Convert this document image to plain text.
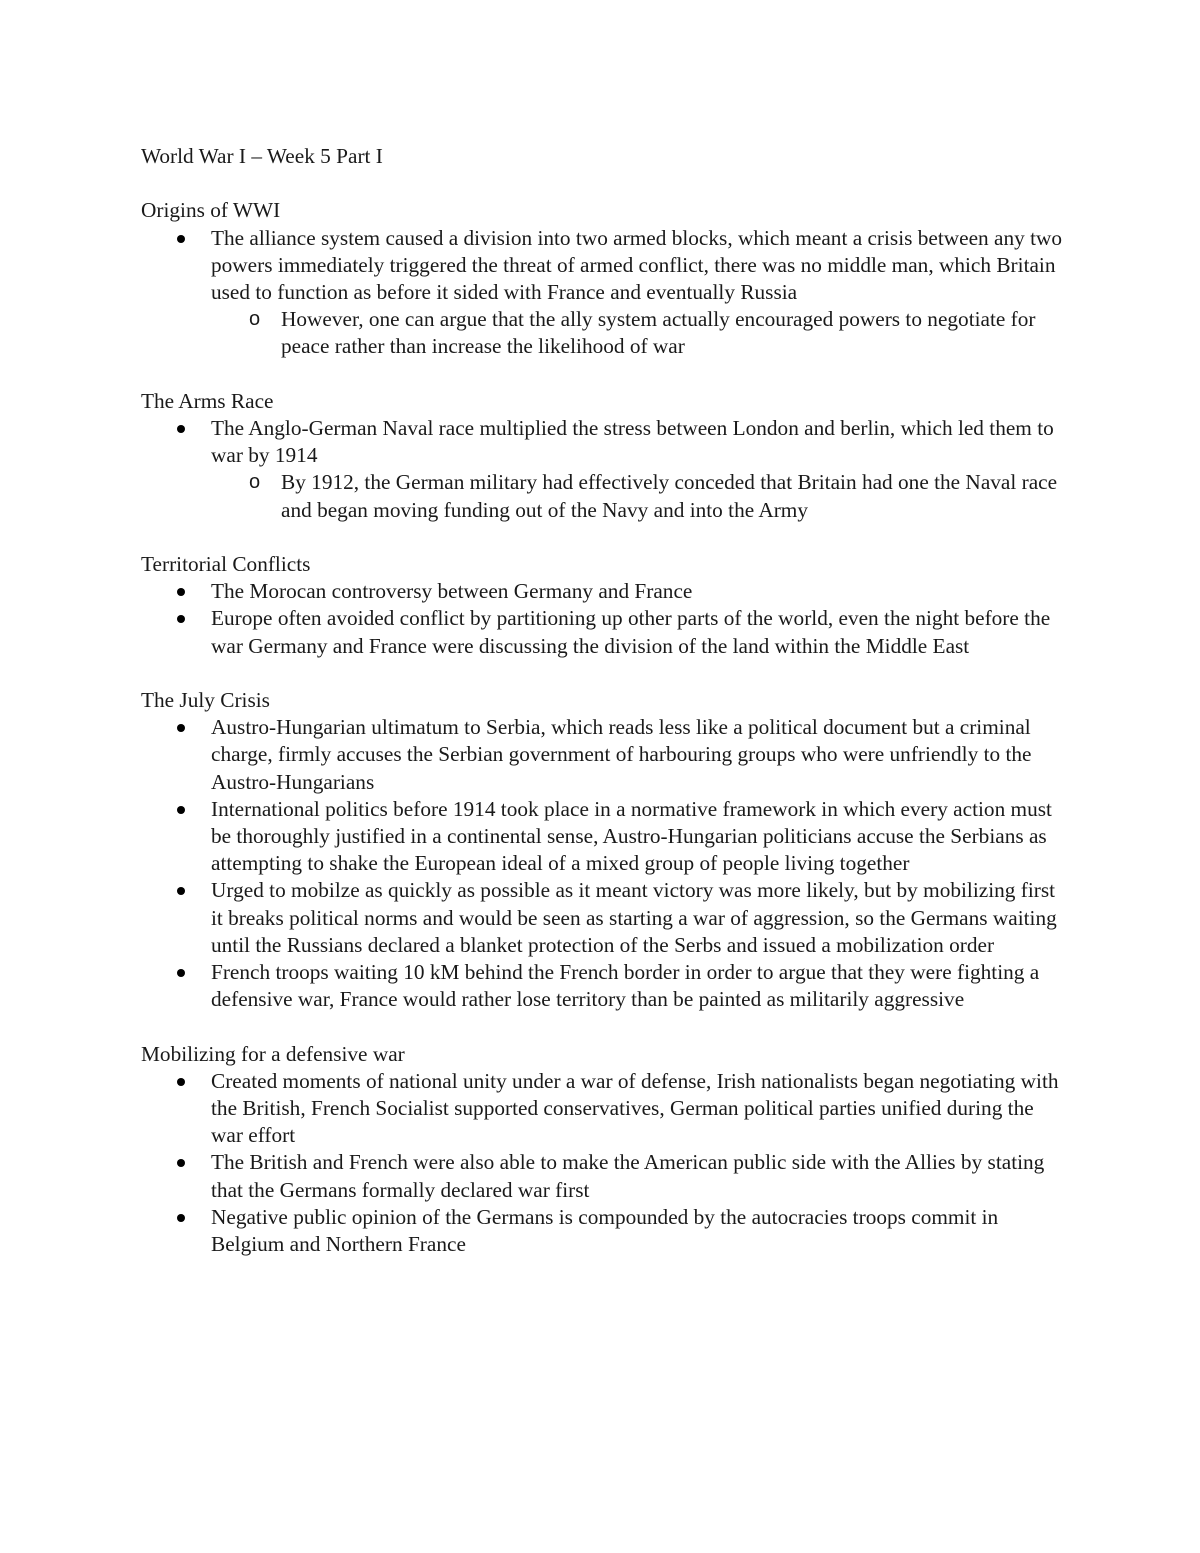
World War I – Week 5 Part I
Origins of WWI
The alliance system caused a division into two armed blocks, which meant a crisis between any two powers immediately triggered the threat of armed conflict, there was no middle man, which Britain used to function as before it sided with France and eventually Russia
o However, one can argue that the ally system actually encouraged powers to negotiate for peace rather than increase the likelihood of war
The Arms Race
The Anglo-German Naval race multiplied the stress between London and berlin, which led them to war by 1914
o By 1912, the German military had effectively conceded that Britain had one the Naval race and began moving funding out of the Navy and into the Army
Territorial Conflicts
The Morocan controversy between Germany and France
Europe often avoided conflict by partitioning up other parts of the world, even the night before the war Germany and France were discussing the division of the land within the Middle East
The July Crisis
Austro-Hungarian ultimatum to Serbia, which reads less like a political document but a criminal charge, firmly accuses the Serbian government of harbouring groups who were unfriendly to the Austro-Hungarians
International politics before 1914 took place in a normative framework in which every action must be thoroughly justified in a continental sense, Austro-Hungarian politicians accuse the Serbians as attempting to shake the European ideal of a mixed group of people living together
Urged to mobilze as quickly as possible as it meant victory was more likely, but by mobilizing first it breaks political norms and would be seen as starting a war of aggression, so the Germans waiting until the Russians declared a blanket protection of the Serbs and issued a mobilization order
French troops waiting 10 kM behind the French border in order to argue that they were fighting a defensive war, France would rather lose territory than be painted as militarily aggressive
Mobilizing for a defensive war
Created moments of national unity under a war of defense, Irish nationalists began negotiating with the British, French Socialist supported conservatives, German political parties unified during the war effort
The British and French were also able to make the American public side with the Allies by stating that the Germans formally declared war first
Negative public opinion of the Germans is compounded by the autocracies troops commit in Belgium and Northern France
